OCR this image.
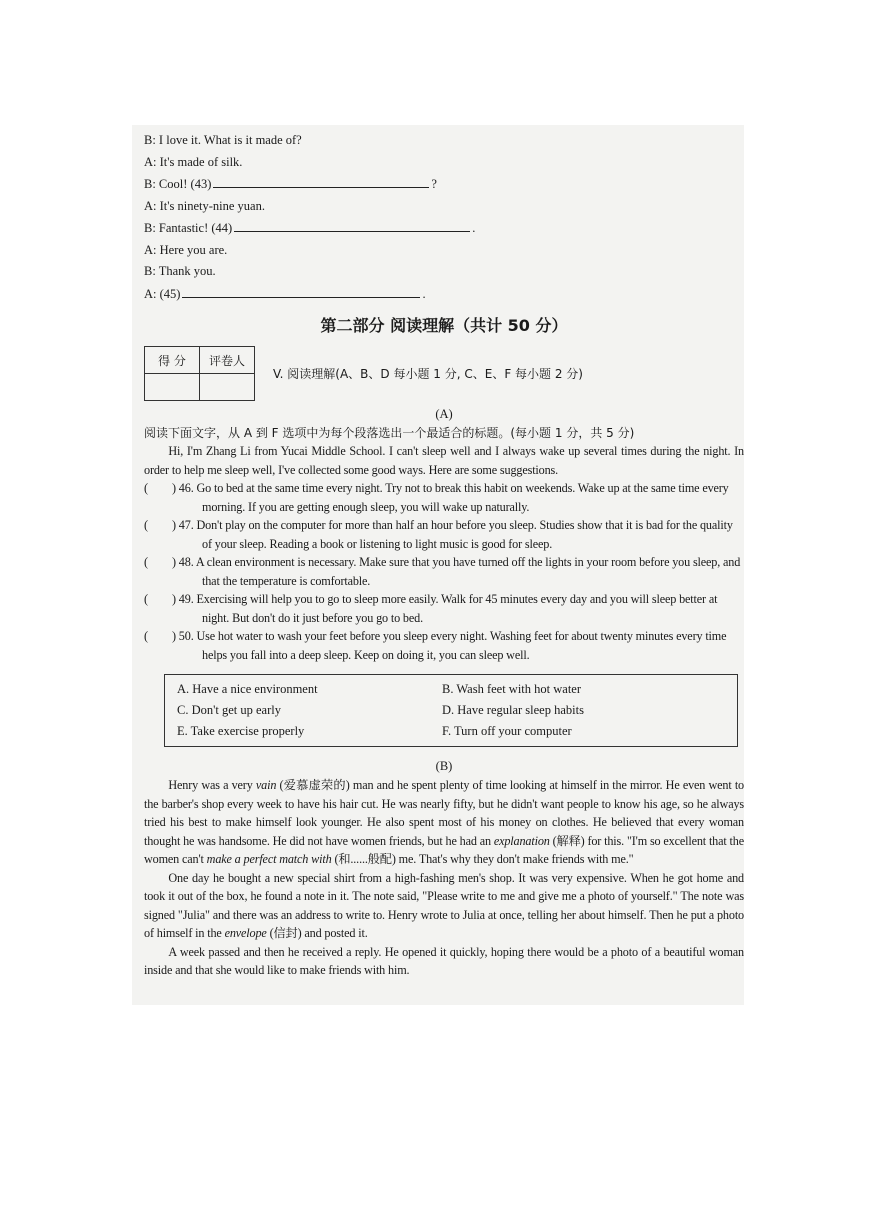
B: I love it. What is it made of?
A: It's made of silk.
B: Cool! (43)	?
A: It's ninety-nine yuan.
B: Fantastic! (44)	.
A: Here you are.
B: Thank you.
A: (45)	.
第二部分 阅读理解（共计 50 分）
得 分	评卷人

V. 阅读理解(A、B、D 每小题 1 分, C、E、F 每小题 2 分)
(A)
阅读下面文字，从 A 到 F 选项中为每个段落选出一个最适合的标题。(每小题 1 分，共 5 分)

Hi, I'm Zhang Li from Yucai Middle School. I can't sleep well and I always wake up several times during the night. In order to help me sleep well, I've collected some good ways. Here are some suggestions.

(	) 46. Go to bed at the same time every night. Try not to break this habit on weekends. Wake up at the same time every morning. If you are getting enough sleep, you will wake up naturally.
(	) 47. Don't play on the computer for more than half an hour before you sleep. Studies show that it is bad for the quality of your sleep. Reading a book or listening to light music is good for sleep.
(	) 48. A clean environment is necessary. Make sure that you have turned off the lights in your room before you sleep, and that the temperature is comfortable.
(	) 49. Exercising will help you to go to sleep more easily. Walk for 45 minutes every day and you will sleep better at night. But don't do it just before you go to bed.
(	) 50. Use hot water to wash your feet before you sleep every night. Washing feet for about twenty minutes every time helps you fall into a deep sleep. Keep on doing it, you can sleep well.
A. Have a nice environment	B. Wash feet with hot water
C. Don't get up early	D. Have regular sleep habits
E. Take exercise properly	F. Turn off your computer
(B)

Henry was a very vain (爱慕虚荣的) man and he spent plenty of time looking at himself in the mirror. He even went to the barber's shop every week to have his hair cut. He was nearly fifty, but he didn't want people to know his age, so he always tried his best to make himself look younger. He also spent most of his money on clothes. He believed that every woman thought he was handsome. He did not have women friends, but he had an explanation (解释) for this. "I'm so excellent that the women can't make a perfect match with (和......般配) me. That's why they don't make friends with me."

One day he bought a new special shirt from a high-fashing men's shop. It was very expensive. When he got home and took it out of the box, he found a note in it. The note said, "Please write to me and give me a photo of yourself." The note was signed "Julia" and there was an address to write to. Henry wrote to Julia at once, telling her about himself. Then he put a photo of himself in the envelope (信封) and posted it.

A week passed and then he received a reply. He opened it quickly, hoping there would be a photo of a beautiful woman inside and that she would like to make friends with him.
